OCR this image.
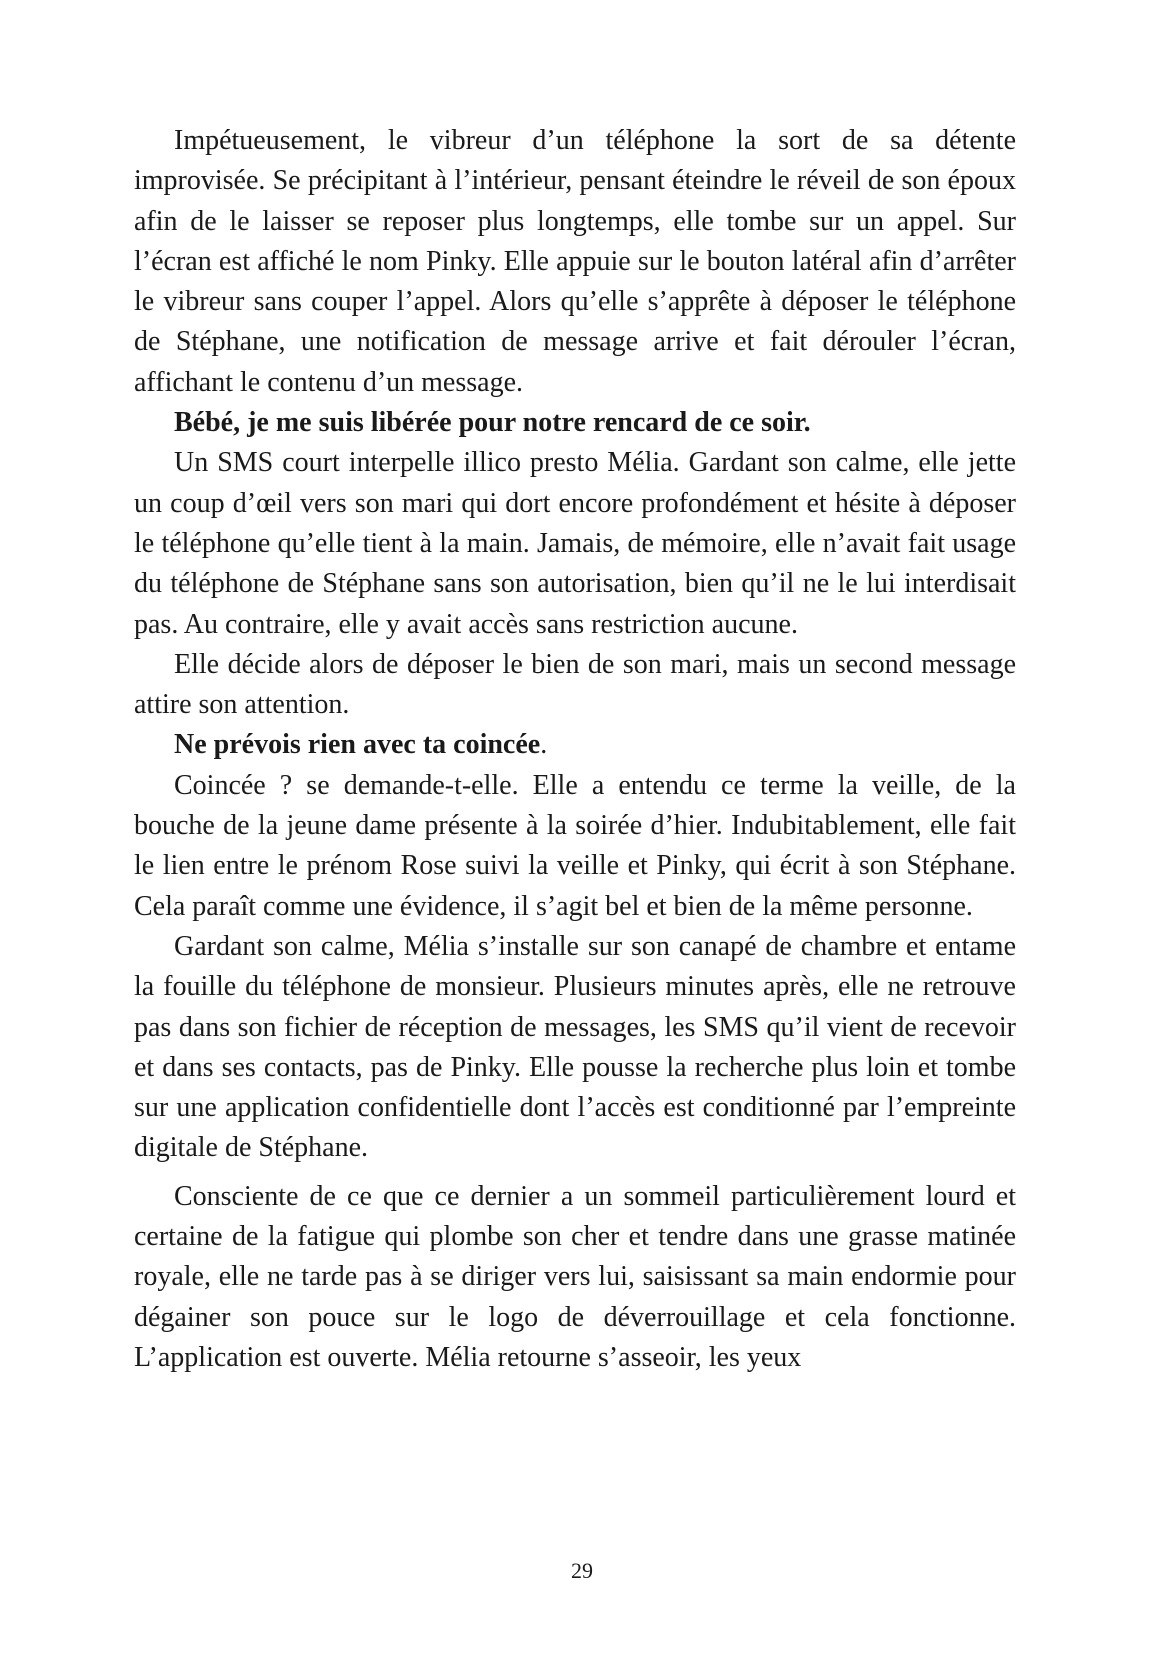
Impétueusement, le vibreur d’un téléphone la sort de sa détente improvisée. Se précipitant à l’intérieur, pensant éteindre le réveil de son époux afin de le laisser se reposer plus longtemps, elle tombe sur un appel. Sur l’écran est affiché le nom Pinky. Elle appuie sur le bouton latéral afin d’arrêter le vibreur sans couper l’appel. Alors qu’elle s’apprête à déposer le téléphone de Stéphane, une notification de message arrive et fait dérouler l’écran, affichant le contenu d’un message.

Bébé, je me suis libérée pour notre rencard de ce soir.

Un SMS court interpelle illico presto Mélia. Gardant son calme, elle jette un coup d’œil vers son mari qui dort encore profondément et hésite à déposer le téléphone qu’elle tient à la main. Jamais, de mémoire, elle n’avait fait usage du téléphone de Stéphane sans son autorisation, bien qu’il ne le lui interdisait pas. Au contraire, elle y avait accès sans restriction aucune.

Elle décide alors de déposer le bien de son mari, mais un second message attire son attention.

Ne prévois rien avec ta coincée.

Coincée ? se demande-t-elle. Elle a entendu ce terme la veille, de la bouche de la jeune dame présente à la soirée d’hier. Indubitablement, elle fait le lien entre le prénom Rose suivi la veille et Pinky, qui écrit à son Stéphane. Cela paraît comme une évidence, il s’agit bel et bien de la même personne.

Gardant son calme, Mélia s’installe sur son canapé de chambre et entame la fouille du téléphone de monsieur. Plusieurs minutes après, elle ne retrouve pas dans son fichier de réception de messages, les SMS qu’il vient de recevoir et dans ses contacts, pas de Pinky. Elle pousse la recherche plus loin et tombe sur une application confidentielle dont l’accès est conditionné par l’empreinte digitale de Stéphane.

Consciente de ce que ce dernier a un sommeil particulièrement lourd et certaine de la fatigue qui plombe son cher et tendre dans une grasse matinée royale, elle ne tarde pas à se diriger vers lui, saisissant sa main endormie pour dégainer son pouce sur le logo de déverrouillage et cela fonctionne. L’application est ouverte. Mélia retourne s’asseoir, les yeux

29
